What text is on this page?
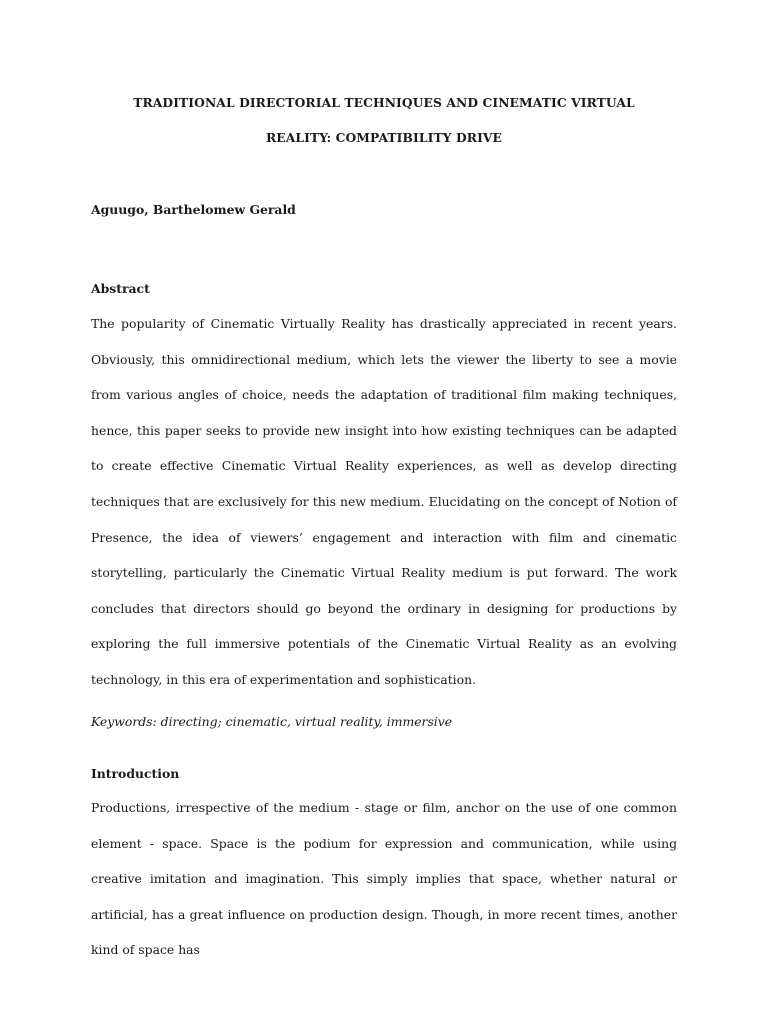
TRADITIONAL DIRECTORIAL TECHNIQUES AND CINEMATIC VIRTUAL
REALITY: COMPATIBILITY DRIVE
Aguugo, Barthelomew Gerald
Abstract
The popularity of Cinematic Virtually Reality has drastically appreciated in recent years. Obviously, this omnidirectional medium, which lets the viewer the liberty to see a movie from various angles of choice, needs the adaptation of traditional film making techniques, hence, this paper seeks to provide new insight into how existing techniques can be adapted to create effective Cinematic Virtual Reality experiences, as well as develop directing techniques that are exclusively for this new medium. Elucidating on the concept of Notion of Presence, the idea of viewers’ engagement and interaction with film and cinematic storytelling, particularly the Cinematic Virtual Reality medium is put forward. The work concludes that directors should go beyond the ordinary in designing for productions by exploring the full immersive potentials of the Cinematic Virtual Reality as an evolving technology, in this era of experimentation and sophistication.
Keywords: directing; cinematic, virtual reality, immersive
Introduction
Productions, irrespective of the medium - stage or film, anchor on the use of one common element - space. Space is the podium for expression and communication, while using creative imitation and imagination. This simply implies that space, whether natural or artificial, has a great influence on production design. Though, in more recent times, another kind of space has
